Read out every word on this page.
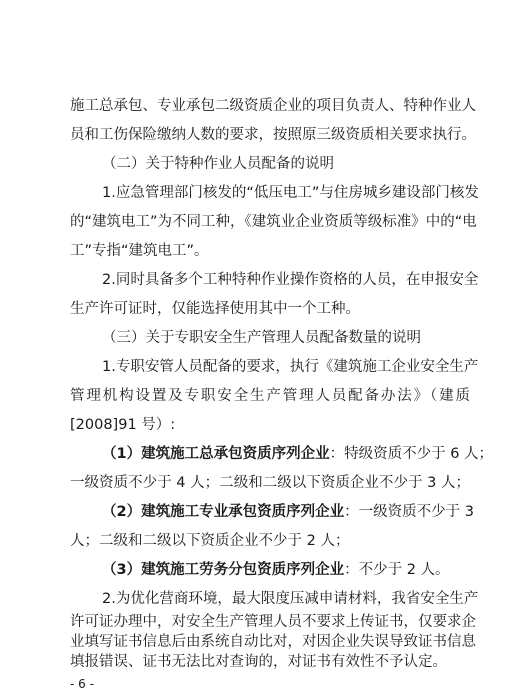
施工总承包、专业承包二级资质企业的项目负责人、特种作业人
员和工伤保险缴纳人数的要求，按照原三级资质相关要求执行。
（二）关于特种作业人员配备的说明
1.应急管理部门核发的“低压电工”与住房城乡建设部门核发
的“建筑电工”为不同工种，《建筑业企业资质等级标准》中的“电
工”专指“建筑电工”。
2.同时具备多个工种特种作业操作资格的人员，在申报安全
生产许可证时，仅能选择使用其中一个工种。
（三）关于专职安全生产管理人员配备数量的说明
1.专职安管人员配备的要求，执行《建筑施工企业安全生产
管理机构设置及专职安全生产管理人员配备办法》（建质
[2008]91 号）:
（1）建筑施工总承包资质序列企业：特级资质不少于 6 人；
一级资质不少于 4 人；二级和二级以下资质企业不少于 3 人；
（2）建筑施工专业承包资质序列企业：一级资质不少于 3
人；二级和二级以下资质企业不少于 2 人；
（3）建筑施工劳务分包资质序列企业：不少于 2 人。
2.为优化营商环境，最大限度压减申请材料，我省安全生产
许可证办理中，对安全生产管理人员不要求上传证书，仅要求企
业填写证书信息后由系统自动比对，对因企业失误导致证书信息
填报错误、证书无法比对查询的，对证书有效性不予认定。
- 6 -
